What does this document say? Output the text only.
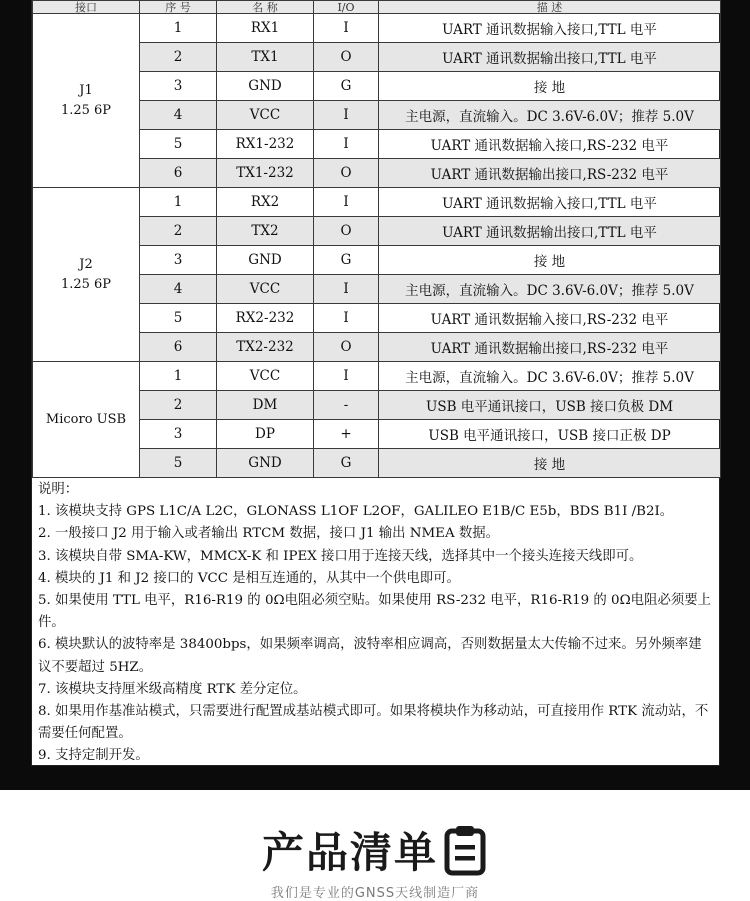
接口	序 号	名 称	I/O	描 述
J1
1.25 6P	1	RX1	I	UART 通讯数据输入接口,TTL 电平
	2	TX1	O	UART 通讯数据输出接口,TTL 电平
	3	GND	G	接 地
	4	VCC	I	主电源，直流输入。DC 3.6V-6.0V；推荐 5.0V
	5	RX1-232	I	UART 通讯数据输入接口,RS-232 电平
	6	TX1-232	O	UART 通讯数据输出接口,RS-232 电平
J2
1.25 6P	1	RX2	I	UART 通讯数据输入接口,TTL 电平
	2	TX2	O	UART 通讯数据输出接口,TTL 电平
	3	GND	G	接 地
	4	VCC	I	主电源，直流输入。DC 3.6V-6.0V；推荐 5.0V
	5	RX2-232	I	UART 通讯数据输入接口,RS-232 电平
	6	TX2-232	O	UART 通讯数据输出接口,RS-232 电平
Micoro USB	1	VCC	I	主电源，直流输入。DC 3.6V-6.0V；推荐 5.0V
	2	DM	-	USB 电平通讯接口，USB 接口负极 DM
	3	DP	+	USB 电平通讯接口，USB 接口正极 DP
	5	GND	G	接 地
说明：
1. 该模块支持 GPS L1C/A L2C，GLONASS L1OF L2OF，GALILEO E1B/C E5b，BDS B1I /B2I。
2. 一般接口 J2 用于输入或者输出 RTCM 数据，接口 J1 输出 NMEA 数据。
3. 该模块自带 SMA-KW，MMCX-K 和 IPEX 接口用于连接天线，选择其中一个接头连接天线即可。
4. 模块的 J1 和 J2 接口的 VCC 是相互连通的，从其中一个供电即可。
5. 如果使用 TTL 电平，R16-R19 的 0Ω电阻必须空贴。如果使用 RS-232 电平，R16-R19 的 0Ω电阻必须要上件。
6. 模块默认的波特率是 38400bps，如果频率调高，波特率相应调高，否则数据量太大传输不过来。另外频率建议不要超过 5HZ。
7. 该模块支持厘米级高精度 RTK 差分定位。
8. 如果用作基准站模式，只需要进行配置成基站模式即可。如果将模块作为移动站，可直接用作 RTK 流动站，不需要任何配置。
9. 支持定制开发。
产品清单
我们是专业的GNSS天线制造厂商
